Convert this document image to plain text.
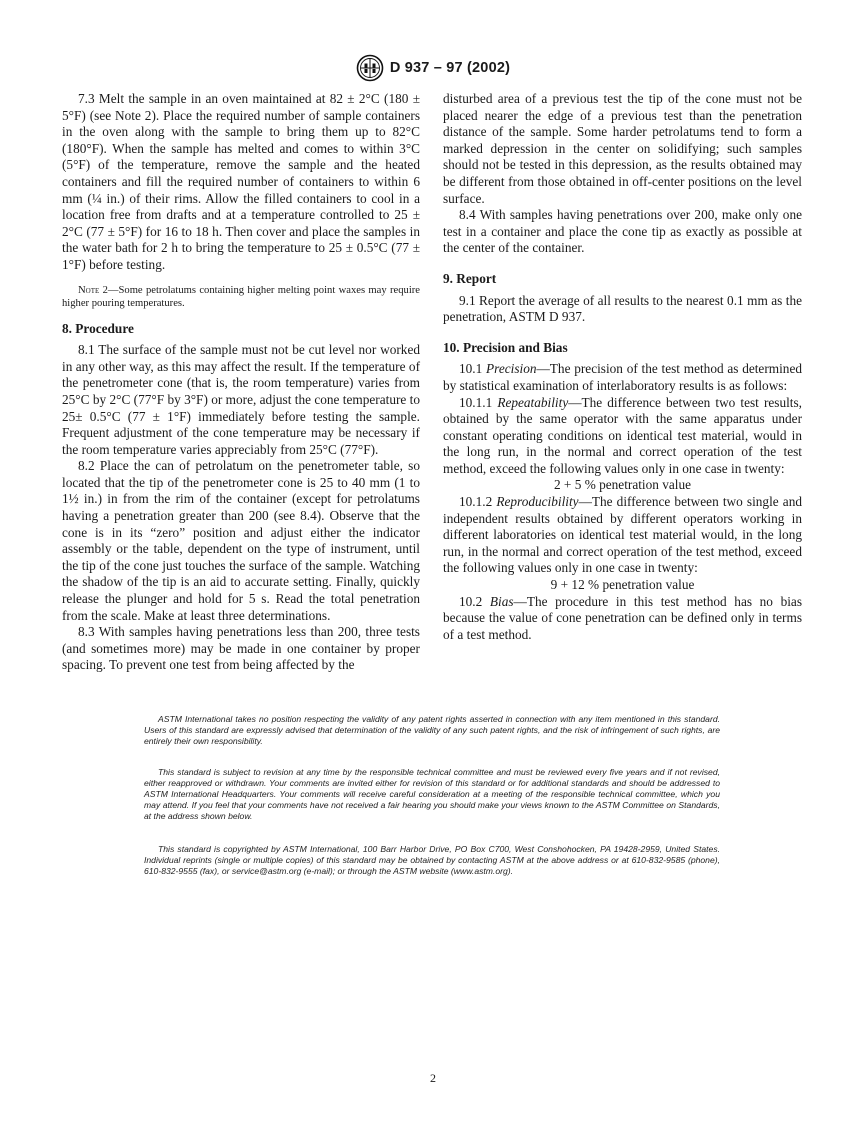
D 937 – 97 (2002)

7.3 Melt the sample in an oven maintained at 82 ± 2°C (180 ± 5°F) (see Note 2). Place the required number of sample containers in the oven along with the sample to bring them up to 82°C (180°F). When the sample has melted and comes to within 3°C (5°F) of the temperature, remove the sample and the heated containers and fill the required number of containers to within 6 mm (¼ in.) of their rims. Allow the filled containers to cool in a location free from drafts and at a temperature controlled to 25 ± 2°C (77 ± 5°F) for 16 to 18 h. Then cover and place the samples in the water bath for 2 h to bring the temperature to 25 ± 0.5°C (77 ± 1°F) before testing.

Note 2—Some petrolatums containing higher melting point waxes may require higher pouring temperatures.

8. Procedure

8.1 The surface of the sample must not be cut level nor worked in any other way, as this may affect the result. If the temperature of the penetrometer cone (that is, the room temperature) varies from 25°C by 2°C (77°F by 3°F) or more, adjust the cone temperature to 25± 0.5°C (77 ± 1°F) immediately before testing the sample. Frequent adjustment of the cone temperature may be necessary if the room temperature varies appreciably from 25°C (77°F).

8.2 Place the can of petrolatum on the penetrometer table, so located that the tip of the penetrometer cone is 25 to 40 mm (1 to 1½ in.) in from the rim of the container (except for petrolatums having a penetration greater than 200 (see 8.4). Observe that the cone is in its “zero” position and adjust either the indicator assembly or the table, dependent on the type of instrument, until the tip of the cone just touches the surface of the sample. Watching the shadow of the tip is an aid to accurate setting. Finally, quickly release the plunger and hold for 5 s. Read the total penetration from the scale. Make at least three determinations.

8.3 With samples having penetrations less than 200, three tests (and sometimes more) may be made in one container by proper spacing. To prevent one test from being affected by the

disturbed area of a previous test the tip of the cone must not be placed nearer the edge of a previous test than the penetration distance of the sample. Some harder petrolatums tend to form a marked depression in the center on solidifying; such samples should not be tested in this depression, as the results obtained may be different from those obtained in off-center positions on the level surface.

8.4 With samples having penetrations over 200, make only one test in a container and place the cone tip as exactly as possible at the center of the container.

9. Report

9.1 Report the average of all results to the nearest 0.1 mm as the penetration, ASTM D 937.

10. Precision and Bias

10.1 Precision—The precision of the test method as determined by statistical examination of interlaboratory results is as follows:

10.1.1 Repeatability—The difference between two test results, obtained by the same operator with the same apparatus under constant operating conditions on identical test material, would in the long run, in the normal and correct operation of the test method, exceed the following values only in one case in twenty:

2 + 5 % penetration value

10.1.2 Reproducibility—The difference between two single and independent results obtained by different operators working in different laboratories on identical test material would, in the long run, in the normal and correct operation of the test method, exceed the following values only in one case in twenty:

9 + 12 % penetration value

10.2 Bias—The procedure in this test method has no bias because the value of cone penetration can be defined only in terms of a test method.

ASTM International takes no position respecting the validity of any patent rights asserted in connection with any item mentioned in this standard. Users of this standard are expressly advised that determination of the validity of any such patent rights, and the risk of infringement of such rights, are entirely their own responsibility.

This standard is subject to revision at any time by the responsible technical committee and must be reviewed every five years and if not revised, either reapproved or withdrawn. Your comments are invited either for revision of this standard or for additional standards and should be addressed to ASTM International Headquarters. Your comments will receive careful consideration at a meeting of the responsible technical committee, which you may attend. If you feel that your comments have not received a fair hearing you should make your views known to the ASTM Committee on Standards, at the address shown below.

This standard is copyrighted by ASTM International, 100 Barr Harbor Drive, PO Box C700, West Conshohocken, PA 19428-2959, United States. Individual reprints (single or multiple copies) of this standard may be obtained by contacting ASTM at the above address or at 610-832-9585 (phone), 610-832-9555 (fax), or service@astm.org (e-mail); or through the ASTM website (www.astm.org).

2
